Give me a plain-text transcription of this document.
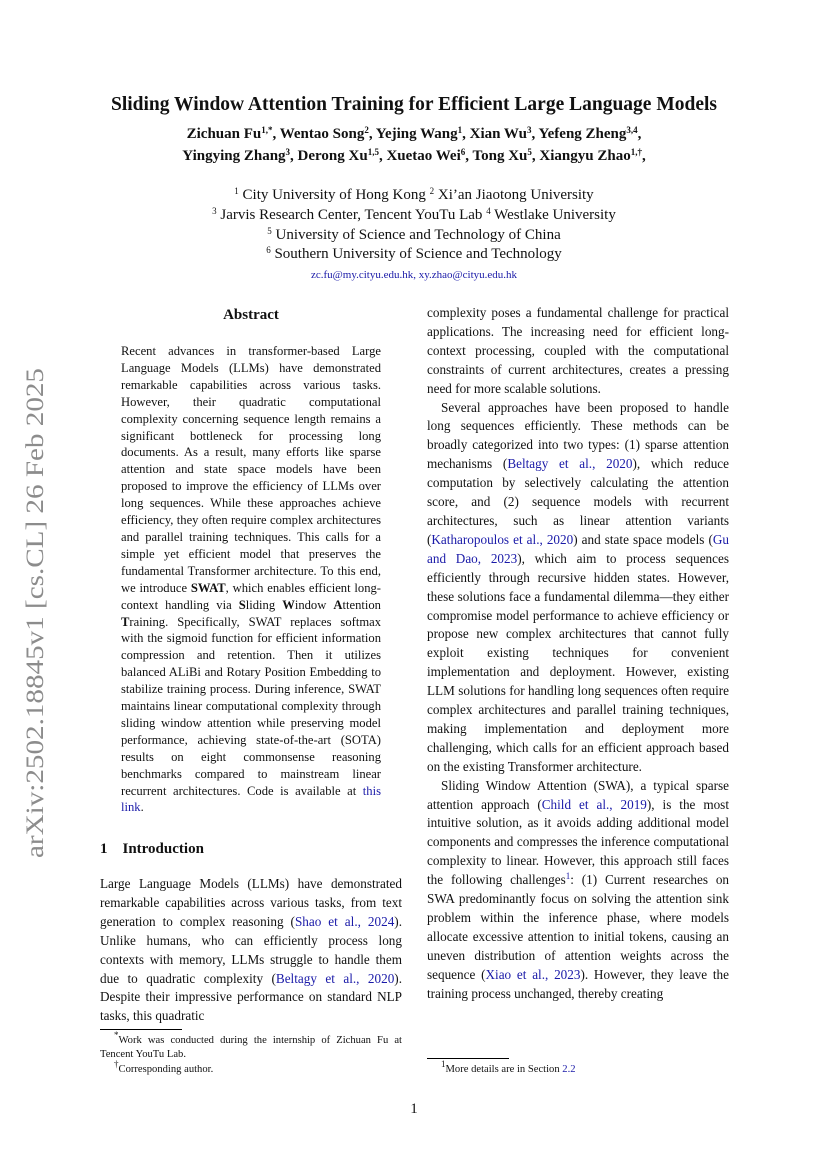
arXiv:2502.18845v1 [cs.CL] 26 Feb 2025
Sliding Window Attention Training for Efficient Large Language Models
Zichuan $Fu^{1,*}$, Wentao Song$^2$, Yejing Wang$^1$, Xian Wu$^3$, Yefeng Zheng$^{3,4}$,
Yingying Zhang$^3$, Derong Xu$^{1,5}$, Xuetao Wei$^6$, Tong Xu$^5$, Xiangyu Zhao$^{1,\dagger}$,
$^1$ City University of Hong Kong $^2$ Xi’an Jiaotong University
$^3$ Jarvis Research Center, Tencent YouTu Lab $^4$ Westlake University
$^5$ University of Science and Technology of China
$^6$ Southern University of Science and Technology
zc.fu@my.cityu.edu.hk, xy.zhao@cityu.edu.hk
Abstract
Recent advances in transformer-based Large Language Models (LLMs) have demonstrated remarkable capabilities across various tasks. However, their quadratic computational complexity concerning sequence length remains a significant bottleneck for processing long documents. As a result, many efforts like sparse attention and state space models have been proposed to improve the efficiency of LLMs over long sequences. While these approaches achieve efficiency, they often require complex architectures and parallel training techniques. This calls for a simple yet efficient model that preserves the fundamental Transformer architecture. To this end, we introduce SWAT, which enables efficient long-context handling via Sliding Window Attention Training. Specifically, SWAT replaces softmax with the sigmoid function for efficient information compression and retention. Then it utilizes balanced ALiBi and Rotary Position Embedding to stabilize training process. During inference, SWAT maintains linear computational complexity through sliding window attention while preserving model performance, achieving state-of-the-art (SOTA) results on eight commonsense reasoning benchmarks compared to mainstream linear recurrent architectures. Code is available at this link.
1 Introduction

Large Language Models (LLMs) have demonstrated remarkable capabilities across various tasks, from text generation to complex reasoning (Shao et al., 2024). Unlike humans, who can efficiently process long contexts with memory, LLMs struggle to handle them due to quadratic complexity (Beltagy et al., 2020). Despite their impressive performance on standard NLP tasks, this quadratic

*Work was conducted during the internship of Zichuan Fu at Tencent YouTu Lab.
†Corresponding author.

complexity poses a fundamental challenge for practical applications. The increasing need for efficient long-context processing, coupled with the computational constraints of current architectures, creates a pressing need for more scalable solutions.

Several approaches have been proposed to handle long sequences efficiently. These methods can be broadly categorized into two types: (1) sparse attention mechanisms (Beltagy et al., 2020), which reduce computation by selectively calculating the attention score, and (2) sequence models with recurrent architectures, such as linear attention variants (Katharopoulos et al., 2020) and state space models (Gu and Dao, 2023), which aim to process sequences efficiently through recursive hidden states. However, these solutions face a fundamental dilemma—they either compromise model performance to achieve efficiency or propose new complex architectures that cannot fully exploit existing techniques for convenient implementation and deployment. However, existing LLM solutions for handling long sequences often require complex architectures and parallel training techniques, making implementation and deployment more challenging, which calls for an efficient approach based on the existing Transformer architecture.

Sliding Window Attention (SWA), a typical sparse attention approach (Child et al., 2019), is the most intuitive solution, as it avoids adding additional model components and compresses the inference computational complexity to linear. However, this approach still faces the following challenges$^1$: (1) Current researches on SWA predominantly focus on solving the attention sink problem within the inference phase, where models allocate excessive attention to initial tokens, causing an uneven distribution of attention weights across the sequence (Xiao et al., 2023). However, they leave the training process unchanged, thereby creating

$^1$More details are in Section 2.2
1
